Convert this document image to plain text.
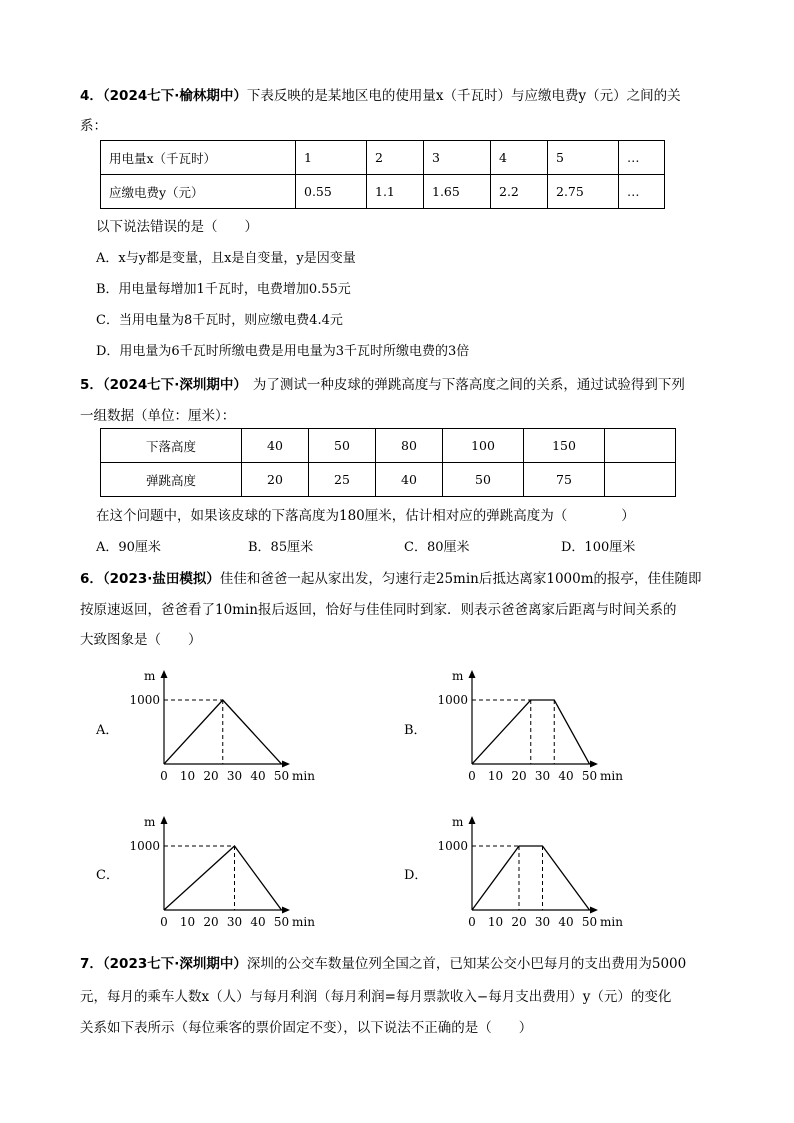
4．（2024七下·榆林期中）下表反映的是某地区电的使用量x（千瓦时）与应缴电费y（元）之间的关
系：
用电量x（千瓦时）	1	2	3	4	5	…
应缴电费y（元）	0.55	1.1	1.65	2.2	2.75	…
以下说法错误的是（　　）
A．x与y都是变量，且x是自变量，y是因变量
B．用电量每增加1千瓦时，电费增加0.55元
C．当用电量为8千瓦时，则应缴电费4.4元
D．用电量为6千瓦时所缴电费是用电量为3千瓦时所缴电费的3倍
5．（2024七下·深圳期中） 为了测试一种皮球的弹跳高度与下落高度之间的关系，通过试验得到下列
一组数据（单位：厘米）：
下落高度	40	50	80	100	150	
弹跳高度	20	25	40	50	75	
在这个问题中，如果该皮球的下落高度为180厘米，估计相对应的弹跳高度为（　　　　）
A．90厘米	B．85厘米	C．80厘米	D．100厘米
6．（2023·盐田模拟）佳佳和爸爸一起从家出发，匀速行走25min后抵达离家1000m的报亭，佳佳随即
按原速返回，爸爸看了10min报后返回，恰好与佳佳同时到家．则表示爸爸离家后距离与时间关系的
大致图象是（　　）
A．	B．
C．	D．
m
min
1000
0 10 20 30 40 50
m
min
1000
0 10 20 30 40 50
m
min
1000
0 10 20 30 40 50
m
min
1000
0 10 20 30 40 50
7．（2023七下·深圳期中）深圳的公交车数量位列全国之首，已知某公交小巴每月的支出费用为5000
元，每月的乘车人数x（人）与每月利润（每月利润=每月票款收入−每月支出费用）y（元）的变化
关系如下表所示（每位乘客的票价固定不变），以下说法不正确的是（　　）
